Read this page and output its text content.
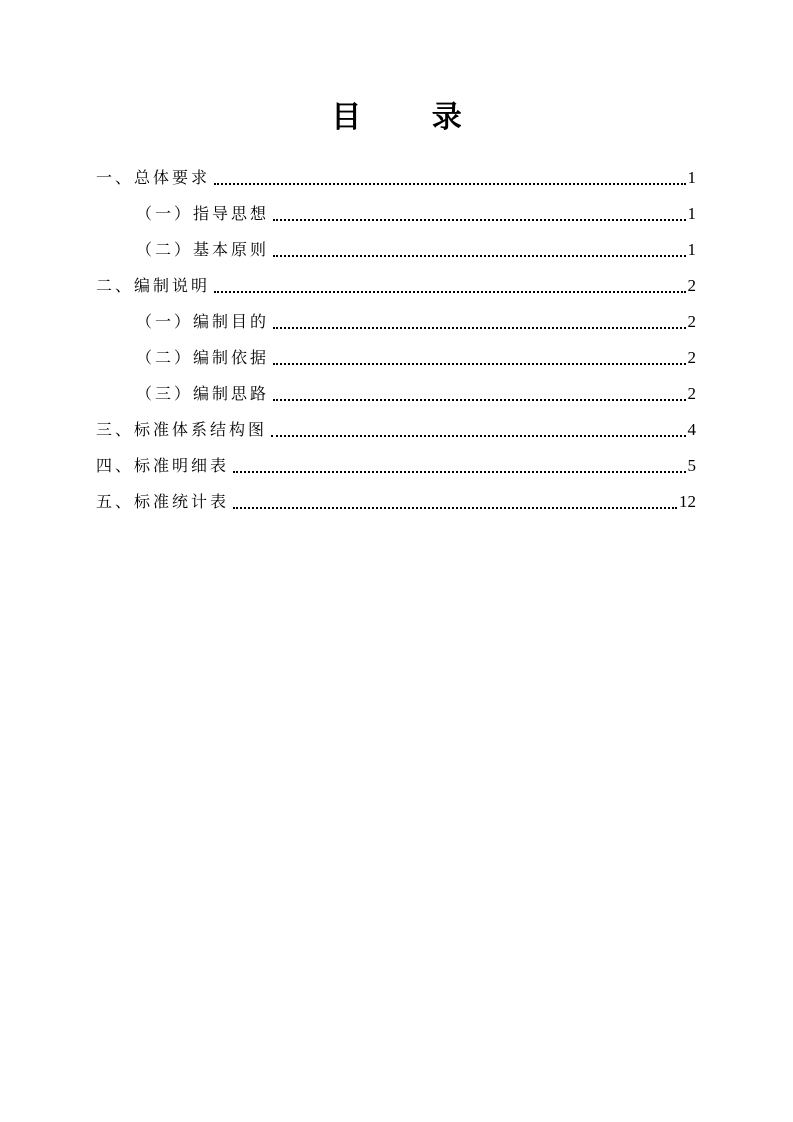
目 录
一、总体要求	1
（一）指导思想	1
（二）基本原则	1
二、编制说明	2
（一）编制目的	2
（二）编制依据	2
（三）编制思路	2
三、标准体系结构图	4
四、标准明细表	5
五、标准统计表	12
